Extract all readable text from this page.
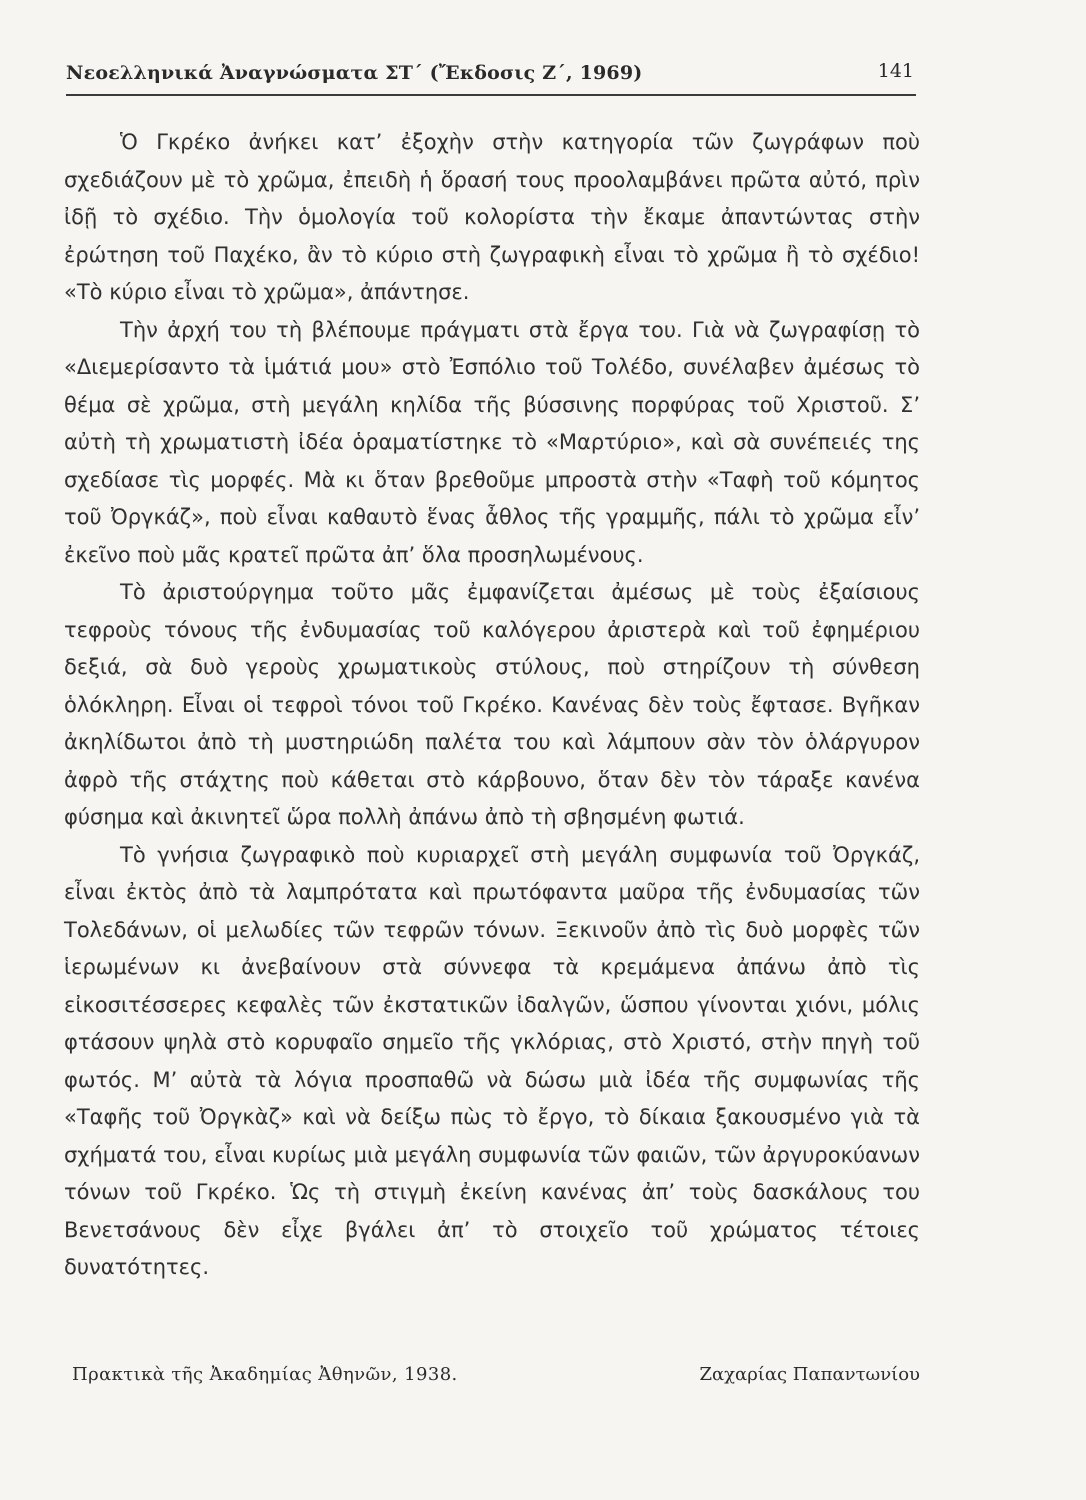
Νεοελληνικά Ἀναγνώσματα ΣΤ΄ (Ἔκδοσις Ζ΄, 1969)	141

Ὁ Γκρέκο ἀνήκει κατ’ ἐξοχὴν στὴν κατηγορία τῶν ζωγράφων ποὺ σχεδιάζουν μὲ τὸ χρῶμα, ἐπειδὴ ἡ ὅρασή τους προολαμβάνει πρῶτα αὐτό, πρὶν ἰδῇ τὸ σχέδιο. Τὴν ὁμολογία τοῦ κολορίστα τὴν ἔκαμε ἀπαντώντας στὴν ἐρώτηση τοῦ Παχέκο, ἂν τὸ κύριο στὴ ζωγραφικὴ εἶναι τὸ χρῶμα ἢ τὸ σχέδιο! «Τὸ κύριο εἶναι τὸ χρῶμα», ἀπάντησε.

Τὴν ἀρχή του τὴ βλέπουμε πράγματι στὰ ἔργα του. Γιὰ νὰ ζωγραφίσῃ τὸ «Διεμερίσαντο τὰ ἱμάτιά μου» στὸ Ἐσπόλιο τοῦ Τολέδο, συνέλαβεν ἀμέσως τὸ θέμα σὲ χρῶμα, στὴ μεγάλη κηλίδα τῆς βύσσινης πορφύρας τοῦ Χριστοῦ. Σ’ αὐτὴ τὴ χρωματιστὴ ἰδέα ὁραματίστηκε τὸ «Μαρτύριο», καὶ σὰ συνέπειές της σχεδίασε τὶς μορφές. Μὰ κι ὅταν βρεθοῦμε μπροστὰ στὴν «Ταφὴ τοῦ κόμητος τοῦ Ὀργκάζ», ποὺ εἶναι καθαυτὸ ἕνας ἆθλος τῆς γραμμῆς, πάλι τὸ χρῶμα εἶν’ ἐκεῖνο ποὺ μᾶς κρατεῖ πρῶτα ἀπ’ ὅλα προσηλωμένους.

Τὸ ἀριστούργημα τοῦτο μᾶς ἐμφανίζεται ἀμέσως μὲ τοὺς ἐξαίσιους τεφροὺς τόνους τῆς ἐνδυμασίας τοῦ καλόγερου ἀριστερὰ καὶ τοῦ ἐφημέριου δεξιά, σὰ δυὸ γεροὺς χρωματικοὺς στύλους, ποὺ στηρίζουν τὴ σύνθεση ὁλόκληρη. Εἶναι οἱ τεφροὶ τόνοι τοῦ Γκρέκο. Κανένας δὲν τοὺς ἔφτασε. Βγῆκαν ἀκηλίδωτοι ἀπὸ τὴ μυστηριώδη παλέτα του καὶ λάμπουν σὰν τὸν ὁλάργυρον ἀφρὸ τῆς στάχτης ποὺ κάθεται στὸ κάρβουνο, ὅταν δὲν τὸν τάραξε κανένα φύσημα καὶ ἀκινητεῖ ὥρα πολλὴ ἀπάνω ἀπὸ τὴ σβησμένη φωτιά.

Τὸ γνήσια ζωγραφικὸ ποὺ κυριαρχεῖ στὴ μεγάλη συμφωνία τοῦ Ὀργκάζ, εἶναι ἐκτὸς ἀπὸ τὰ λαμπρότατα καὶ πρωτόφαντα μαῦρα τῆς ἐνδυμασίας τῶν Τολεδάνων, οἱ μελωδίες τῶν τεφρῶν τόνων. Ξεκινοῦν ἀπὸ τὶς δυὸ μορφὲς τῶν ἱερωμένων κι ἀνεβαίνουν στὰ σύννεφα τὰ κρεμάμενα ἀπάνω ἀπὸ τὶς εἰκοσιτέσσερες κεφαλὲς τῶν ἐκστατικῶν ἰδαλγῶν, ὥσπου γίνονται χιόνι, μόλις φτάσουν ψηλὰ στὸ κορυφαῖο σημεῖο τῆς γκλόριας, στὸ Χριστό, στὴν πηγὴ τοῦ φωτός. Μ’ αὐτὰ τὰ λόγια προσπαθῶ νὰ δώσω μιὰ ἰδέα τῆς συμφωνίας τῆς «Ταφῆς τοῦ Ὀργκὰζ» καὶ νὰ δείξω πὼς τὸ ἔργο, τὸ δίκαια ξακουσμένο γιὰ τὰ σχήματά του, εἶναι κυρίως μιὰ μεγάλη συμφωνία τῶν φαιῶν, τῶν ἀργυροκύανων τόνων τοῦ Γκρέκο. Ὡς τὴ στιγμὴ ἐκείνη κανένας ἀπ’ τοὺς δασκάλους του Βενετσάνους δὲν εἶχε βγάλει ἀπ’ τὸ στοιχεῖο τοῦ χρώματος τέτοιες δυνατότητες.

Πρακτικὰ τῆς Ἀκαδημίας Ἀθηνῶν, 1938.	Ζαχαρίας Παπαντωνίου
